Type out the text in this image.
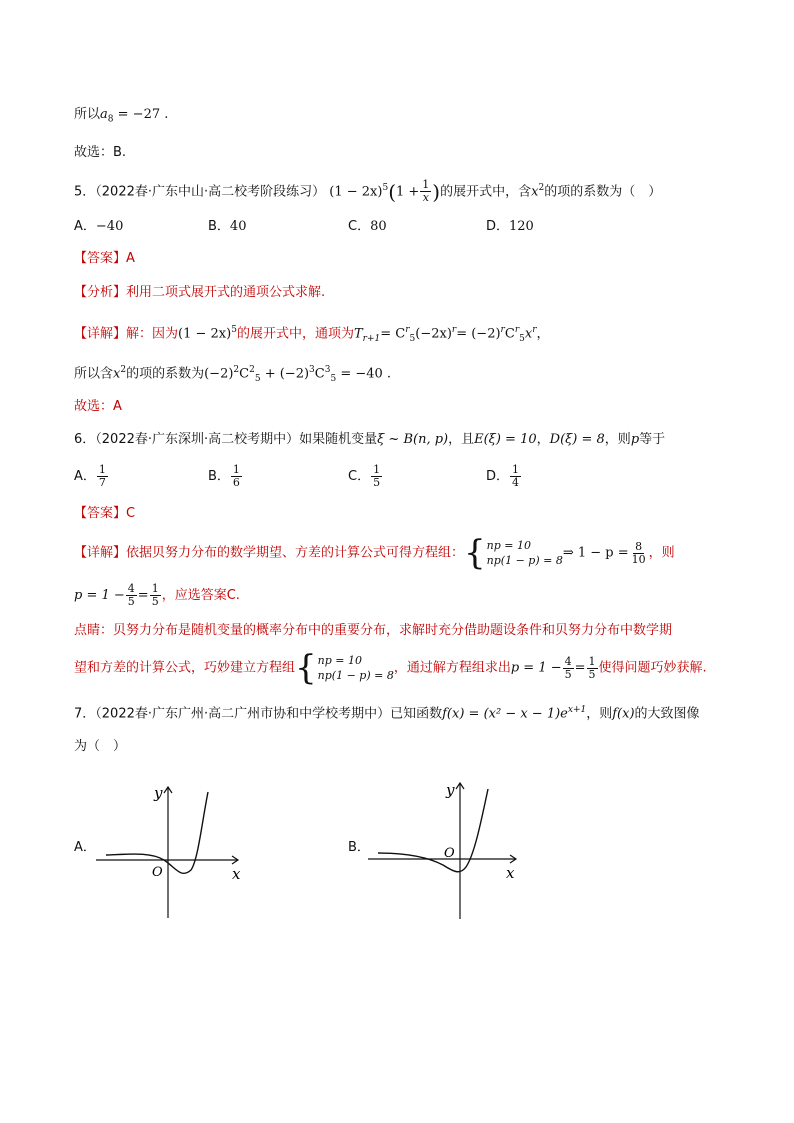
所以$a_8 = -27$ .
故选：B.
5．（2022春·广东中山·高二校考阶段练习） $(1 - 2x)^5(1 + \frac{1}{x}$ )的展开式中，含$x^2$的项的系数为（　）
A．−40	B．40	C．80	D．120
【答案】A
【分析】利用二项式展开式的通项公式求解.
【详解】解：因为$(1 - 2x)^5$的展开式中，通项为$T_{r+1}= C^r_5(-2x)^r= (-2)^rC^r_5x^r$，
所以含$x^2$的项的系数为$(-2)^2C^2_5 + (-2)^3C^3_5 = -40$ .
故选：A
6．（2022春·广东深圳·高二校考期中）如果随机变量ξ ~ B(n, p)，且E(ξ) = 10，D(ξ) = 8，则p等于
A． $\frac{1}{7}$	B． $\frac{1}{6}$	C． $\frac{1}{5}$	D． $\frac{1}{4}$
【答案】C
【详解】依据贝努力分布的数学期望、方差的计算公式可得方程组： { np = 10
np(1 − p) = 8 ⇒ $1 - p = \frac{8}{10}$ ，则
$p = 1 - \frac{4}{5} = \frac{1}{5}$ ，应选答案C.
点睛：贝努力分布是随机变量的概率分布中的重要分布，求解时充分借助题设条件和贝努力分布中数学期
望和方差的计算公式，巧妙建立方程组 { np = 10
np(1 − p) = 8 ，通过解方程组求出$p = 1 - \frac{4}{5} = \frac{1}{5}$ 使得问题巧妙获解.
7．（2022春·广东广州·高二广州市协和中学校考期中）已知函数$f(x) = (x^2 - x - 1)e^{x+1}$，则f(x)的大致图像
为（　）
A．
O
y
x
B．	O
y
x
